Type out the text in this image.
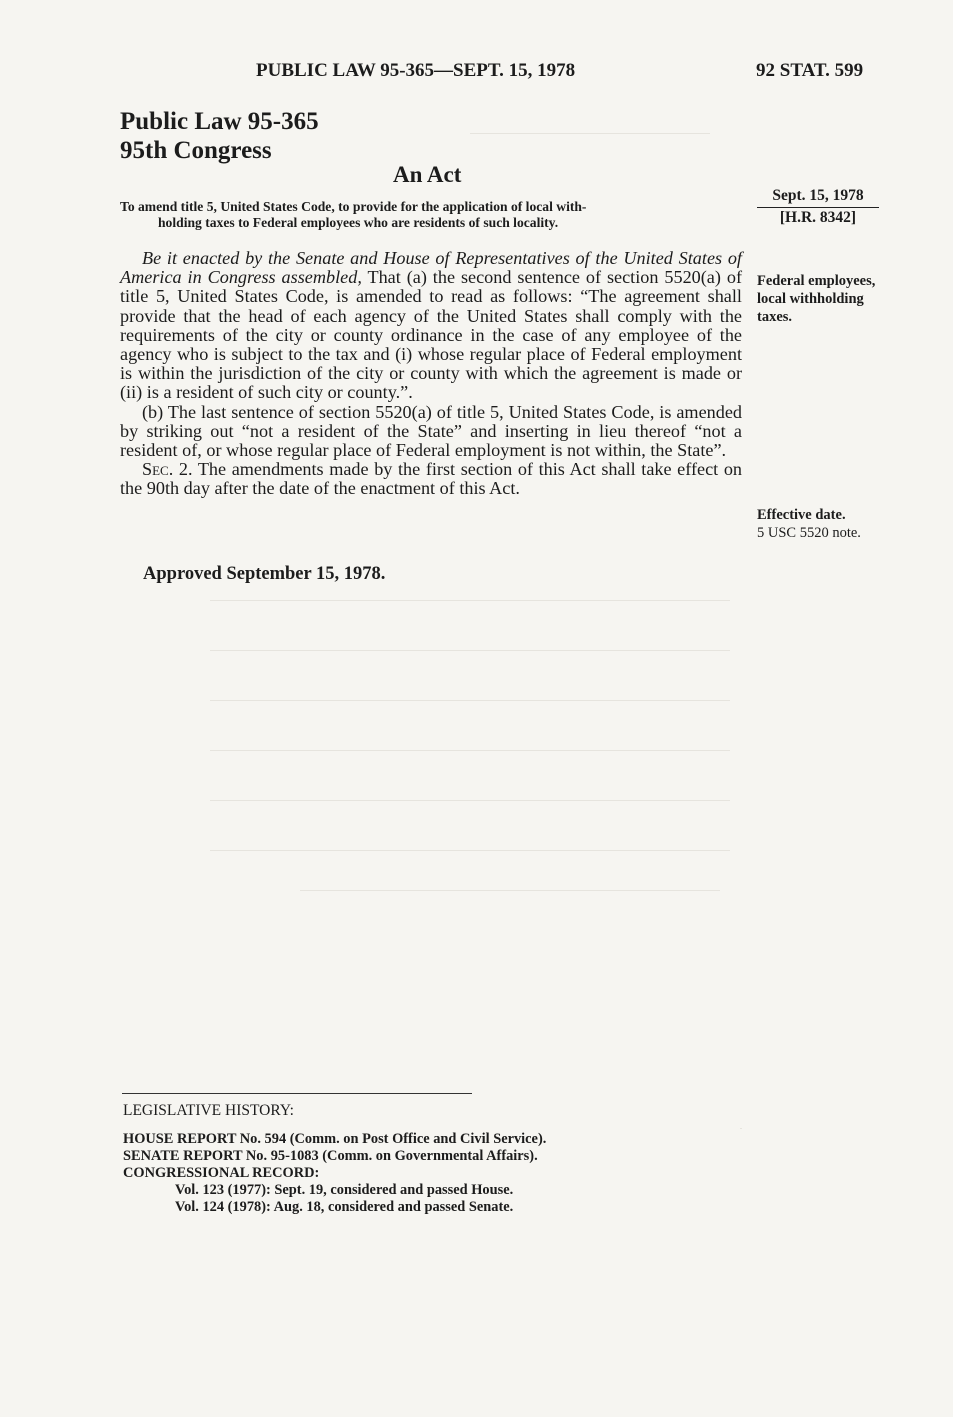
PUBLIC LAW 95-365—SEPT. 15, 1978	92 STAT. 599
Public Law 95-365
95th Congress
An Act
To amend title 5, United States Code, to provide for the application of local with-
holding taxes to Federal employees who are residents of such locality.
Sept. 15, 1978
[H.R. 8342]

Be it enacted by the Senate and House of Representatives of the United States of America in Congress assembled, That (a) the second sentence of section 5520(a) of title 5, United States Code, is amended to read as follows: “The agreement shall provide that the head of each agency of the United States shall comply with the requirements of the city or county ordinance in the case of any employee of the agency who is subject to the tax and (i) whose regular place of Federal employment is within the jurisdiction of the city or county with which the agreement is made or (ii) is a resident of such city or county.”.

(b) The last sentence of section 5520(a) of title 5, United States Code, is amended by striking out “not a resident of the State” and inserting in lieu thereof “not a resident of, or whose regular place of Federal employment is not within, the State”.

Sec. 2. The amendments made by the first section of this Act shall take effect on the 90th day after the date of the enactment of this Act.

Approved September 15, 1978.
Federal employees, local withholding taxes.
Effective date.
5 USC 5520 note.
LEGISLATIVE HISTORY:
HOUSE REPORT No. 594 (Comm. on Post Office and Civil Service).
SENATE REPORT No. 95-1083 (Comm. on Governmental Affairs).
CONGRESSIONAL RECORD:
Vol. 123 (1977): Sept. 19, considered and passed House.
Vol. 124 (1978): Aug. 18, considered and passed Senate.
